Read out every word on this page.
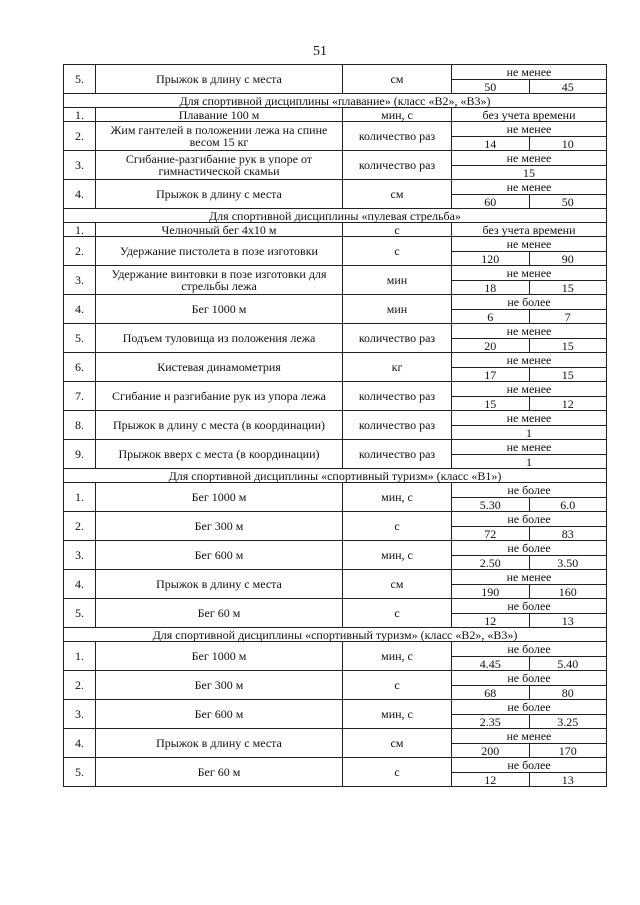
51
5.	Прыжок в длину с места	см	не менее
50 45

Для спортивной дисциплины «плавание» (класс «В2», «В3»)			
1.	Плавание 100 м	мин, с	без учета времени
2.	Жим гантелей в положении лежа на спине весом 15 кг	количество раз	не менее
14 10

3.	Сгибание-разгибание рук в упоре от гимнастической скамьи	количество раз	не менее
15

4.	Прыжок в длину с места	см	не менее
60 50

Для спортивной дисциплины «пулевая стрельба»			
1.	Челночный бег 4x10 м	с	без учета времени
2.	Удержание пистолета в позе изготовки	с	не менее
120 90

3.	Удержание винтовки в позе изготовки для стрельбы лежа	мин	не менее
18 15

4.	Бег 1000 м	мин	не более
6 7

5.	Подъем туловища из положения лежа	количество раз	не менее
20 15

6.	Кистевая динамометрия	кг	не менее
17 15

7.	Сгибание и разгибание рук из упора лежа	количество раз	не менее
15 12

8.	Прыжок в длину с места (в координации)	количество раз	не менее
1

9.	Прыжок вверх с места (в координации)	количество раз	не менее
1

Для спортивной дисциплины «спортивный туризм» (класс «В1»)			
1.	Бег 1000 м	мин, с	не более
5.30 6.0

2.	Бег 300 м	с	не более
72 83

3.	Бег 600 м	мин, с	не более
2.50 3.50

4.	Прыжок в длину с места	см	не менее
190 160

5.	Бег 60 м	с	не более
12 13

Для спортивной дисциплины «спортивный туризм» (класс «В2», «В3»)			
1.	Бег 1000 м	мин, с	не более
4.45 5.40

2.	Бег 300 м	с	не более
68 80

3.	Бег 600 м	мин, с	не более
2.35 3.25

4.	Прыжок в длину с места	см	не менее
200 170

5.	Бег 60 м	с	не более
12 13
